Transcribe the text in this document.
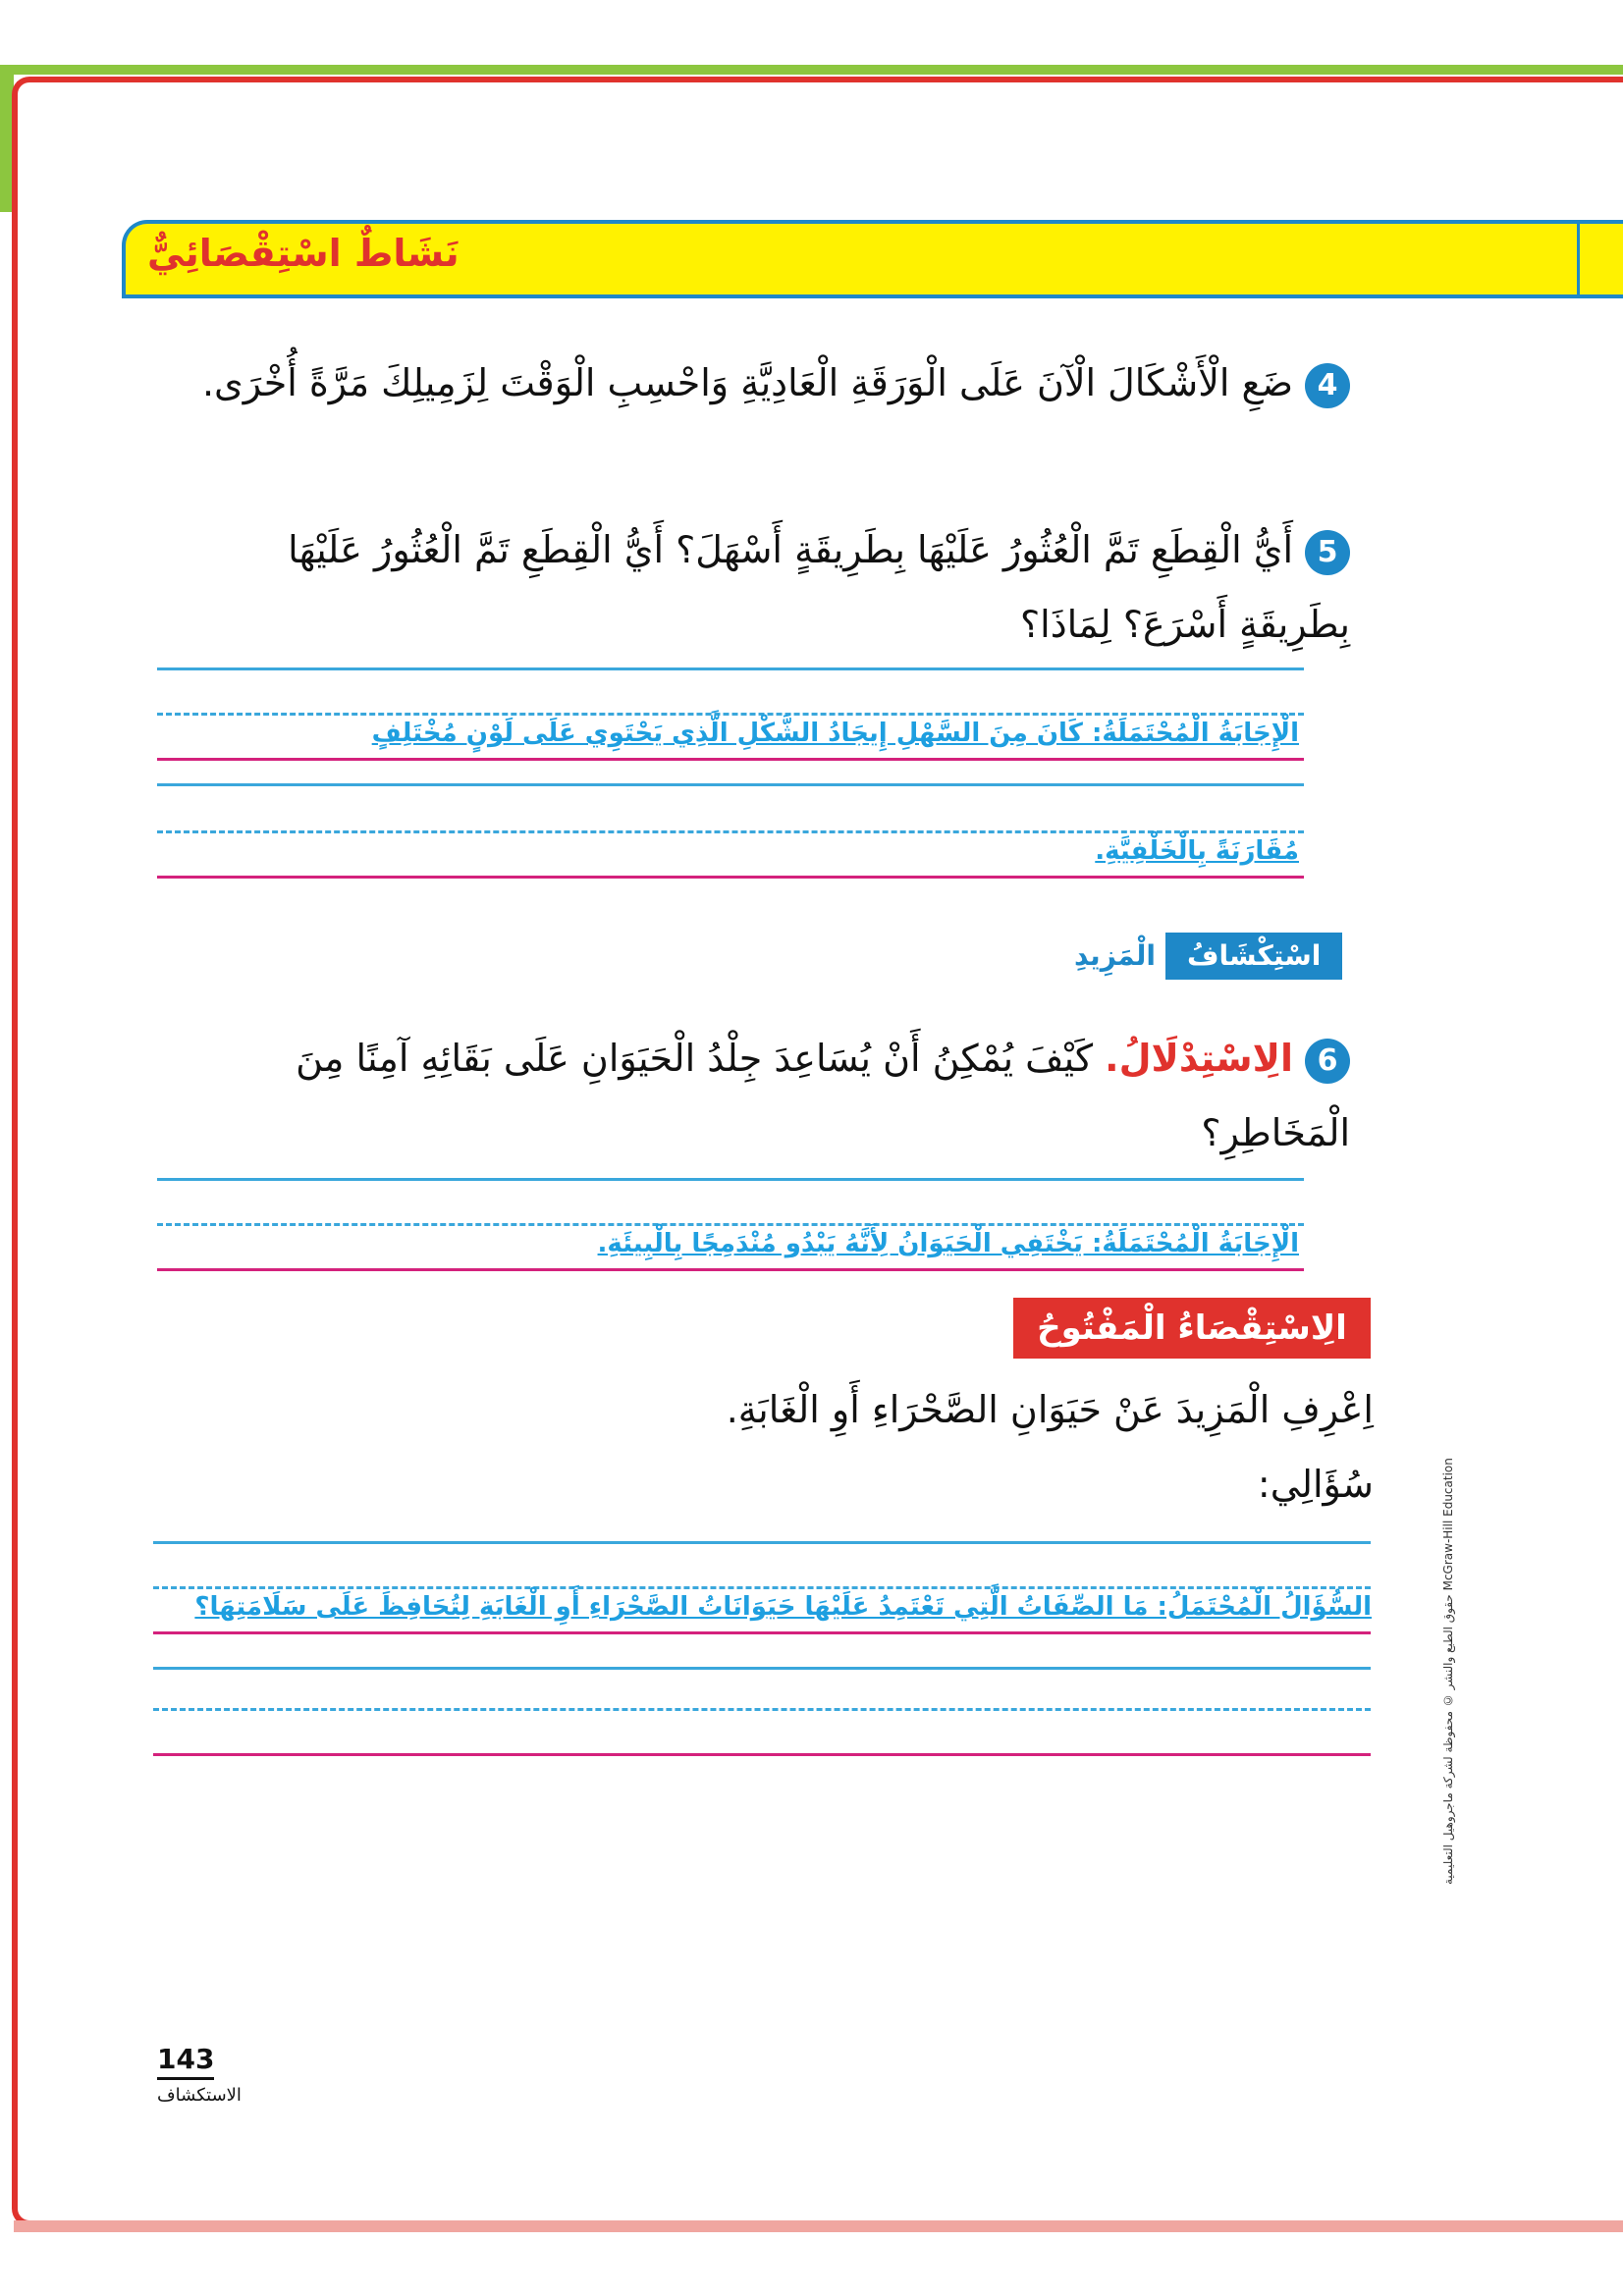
نَشَاطٌ اسْتِقْصَائِيٌّ
4ضَعِ الْأَشْكَالَ الْآنَ عَلَى الْوَرَقَةِ الْعَادِيَّةِ وَاحْسِبِ الْوَقْتَ لِزَمِيلِكَ مَرَّةً أُخْرَى.
5أَيُّ الْقِطَعِ تَمَّ الْعُثُورُ عَلَيْهَا بِطَرِيقَةٍ أَسْهَلَ؟ أَيُّ الْقِطَعِ تَمَّ الْعُثُورُ عَلَيْهَا بِطَرِيقَةٍ أَسْرَعَ؟ لِمَاذَا؟
الْإِجَابَةُ الْمُحْتَمَلَةُ: كَانَ مِنَ السَّهْلِ إِيجَادُ الشَّكْلِ الَّذِي يَحْتَوِي عَلَى لَوْنٍ مُخْتَلِفٍ
مُقَارَنَةً بِالْخَلْفِيَّةِ.
اسْتِكْشَافُالْمَزِيدِ
6الِاسْتِدْلَالُ. كَيْفَ يُمْكِنُ أَنْ يُسَاعِدَ جِلْدُ الْحَيَوَانِ عَلَى بَقَائِهِ آمِنًا مِنَ الْمَخَاطِرِ؟
الْإِجَابَةُ الْمُحْتَمَلَةُ: يَخْتَفِي الْحَيَوَانُ لِأَنَّهُ يَبْدُو مُنْدَمِجًا بِالْبِيئَةِ.
الِاسْتِقْصَاءُ الْمَفْتُوحُ
اِعْرِفِ الْمَزِيدَ عَنْ حَيَوَانِ الصَّحْرَاءِ أَوِ الْغَابَةِ.
سُؤَالِي:
السُّؤَالُ الْمُحْتَمَلُ: مَا الصِّفَاتُ الَّتِي تَعْتَمِدُ عَلَيْهَا حَيَوَانَاتُ الصَّحْرَاءِ أَوِ الْغَابَةِ لِتُحَافِظَ عَلَى سَلَامَتِهَا؟	حقوق الطبع والنشر © محفوظة لشركة ماجروهيل التعليمية McGraw-Hill Education
143
الاستكشاف
